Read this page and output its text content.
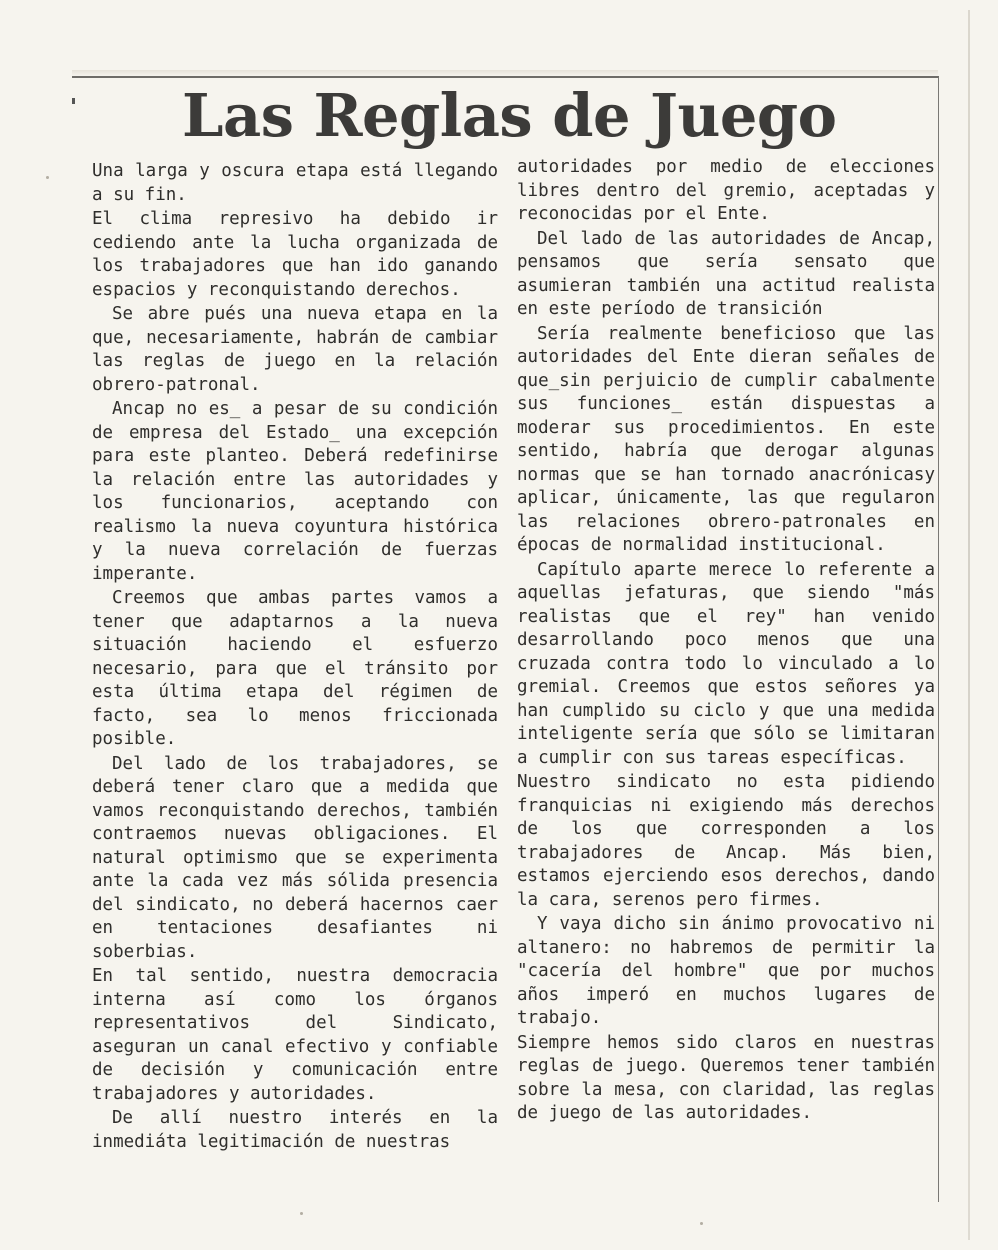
Las Reglas de Juego

Una larga y oscura etapa está llegando a su fin.

El clima represivo ha debido ir cediendo ante la lucha organizada de los trabajadores que han ido ganando espacios y reconquistando derechos.

Se abre pués una nueva etapa en la que, necesariamente, habrán de cambiar las reglas de juego en la relación obrero-patronal.

Ancap no es_ a pesar de su condición de empresa del Estado_ una excepción para este planteo. Deberá redefinirse la relación entre las autoridades y los funcionarios, aceptando con realismo la nueva coyuntura histórica y la nueva correlación de fuerzas imperante.

Creemos que ambas partes vamos a tener que adaptarnos a la nueva situación haciendo el esfuerzo necesario, para que el tránsito por esta última etapa del régimen de facto, sea lo menos friccionada posible.

Del lado de los trabajadores, se deberá tener claro que a medida que vamos reconquistando derechos, también contraemos nuevas obligaciones. El natural optimismo que se experimenta ante la cada vez más sólida presencia del sindicato, no deberá hacernos caer en tentaciones desafiantes ni soberbias.

En tal sentido, nuestra democracia interna así como los órganos representativos del Sindicato, aseguran un canal efectivo y confiable de decisión y comunicación entre trabajadores y autoridades.

De allí nuestro interés en la inmediáta legitimación de nuestras

autoridades por medio de elecciones libres dentro del gremio, aceptadas y reconocidas por el Ente.

Del lado de las autoridades de Ancap, pensamos que sería sensato que asumieran también una actitud realista en este período de transición

Sería realmente beneficioso que las autoridades del Ente dieran señales de que_sin perjuicio de cumplir cabalmente sus funciones_ están dispuestas a moderar sus procedimientos. En este sentido, habría que derogar algunas normas que se han tornado anacrónicasy aplicar, únicamente, las que regularon las relaciones obrero-patronales en épocas de normalidad institucional.

Capítulo aparte merece lo referente a aquellas jefaturas, que siendo "más realistas que el rey" han venido desarrollando poco menos que una cruzada contra todo lo vinculado a lo gremial. Creemos que estos señores ya han cumplido su ciclo y que una medida inteligente sería que sólo se limitaran a cumplir con sus tareas específicas.

Nuestro sindicato no esta pidiendo franquicias ni exigiendo más derechos de los que corresponden a los trabajadores de Ancap. Más bien, estamos ejerciendo esos derechos, dando la cara, serenos pero firmes.

Y vaya dicho sin ánimo provocativo ni altanero: no habremos de permitir la "cacería del hombre" que por muchos años imperó en muchos lugares de trabajo.

Siempre hemos sido claros en nuestras reglas de juego. Queremos tener también sobre la mesa, con claridad, las reglas de juego de las autoridades.
